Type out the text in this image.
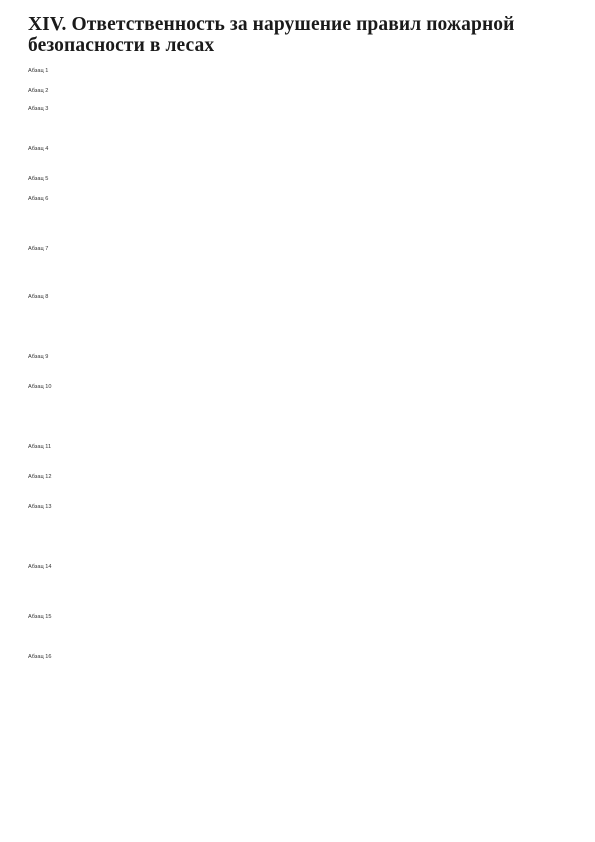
XIV. Ответственность за нарушение правил пожарной
безопасности в лесах

Абзац 1

Абзац 2

Абзац 3

Абзац 4

Абзац 5

Абзац 6

Абзац 7

Абзац 8

Абзац 9

Абзац 10

Абзац 11

Абзац 12

Абзац 13

Абзац 14

Абзац 15

Абзац 16
